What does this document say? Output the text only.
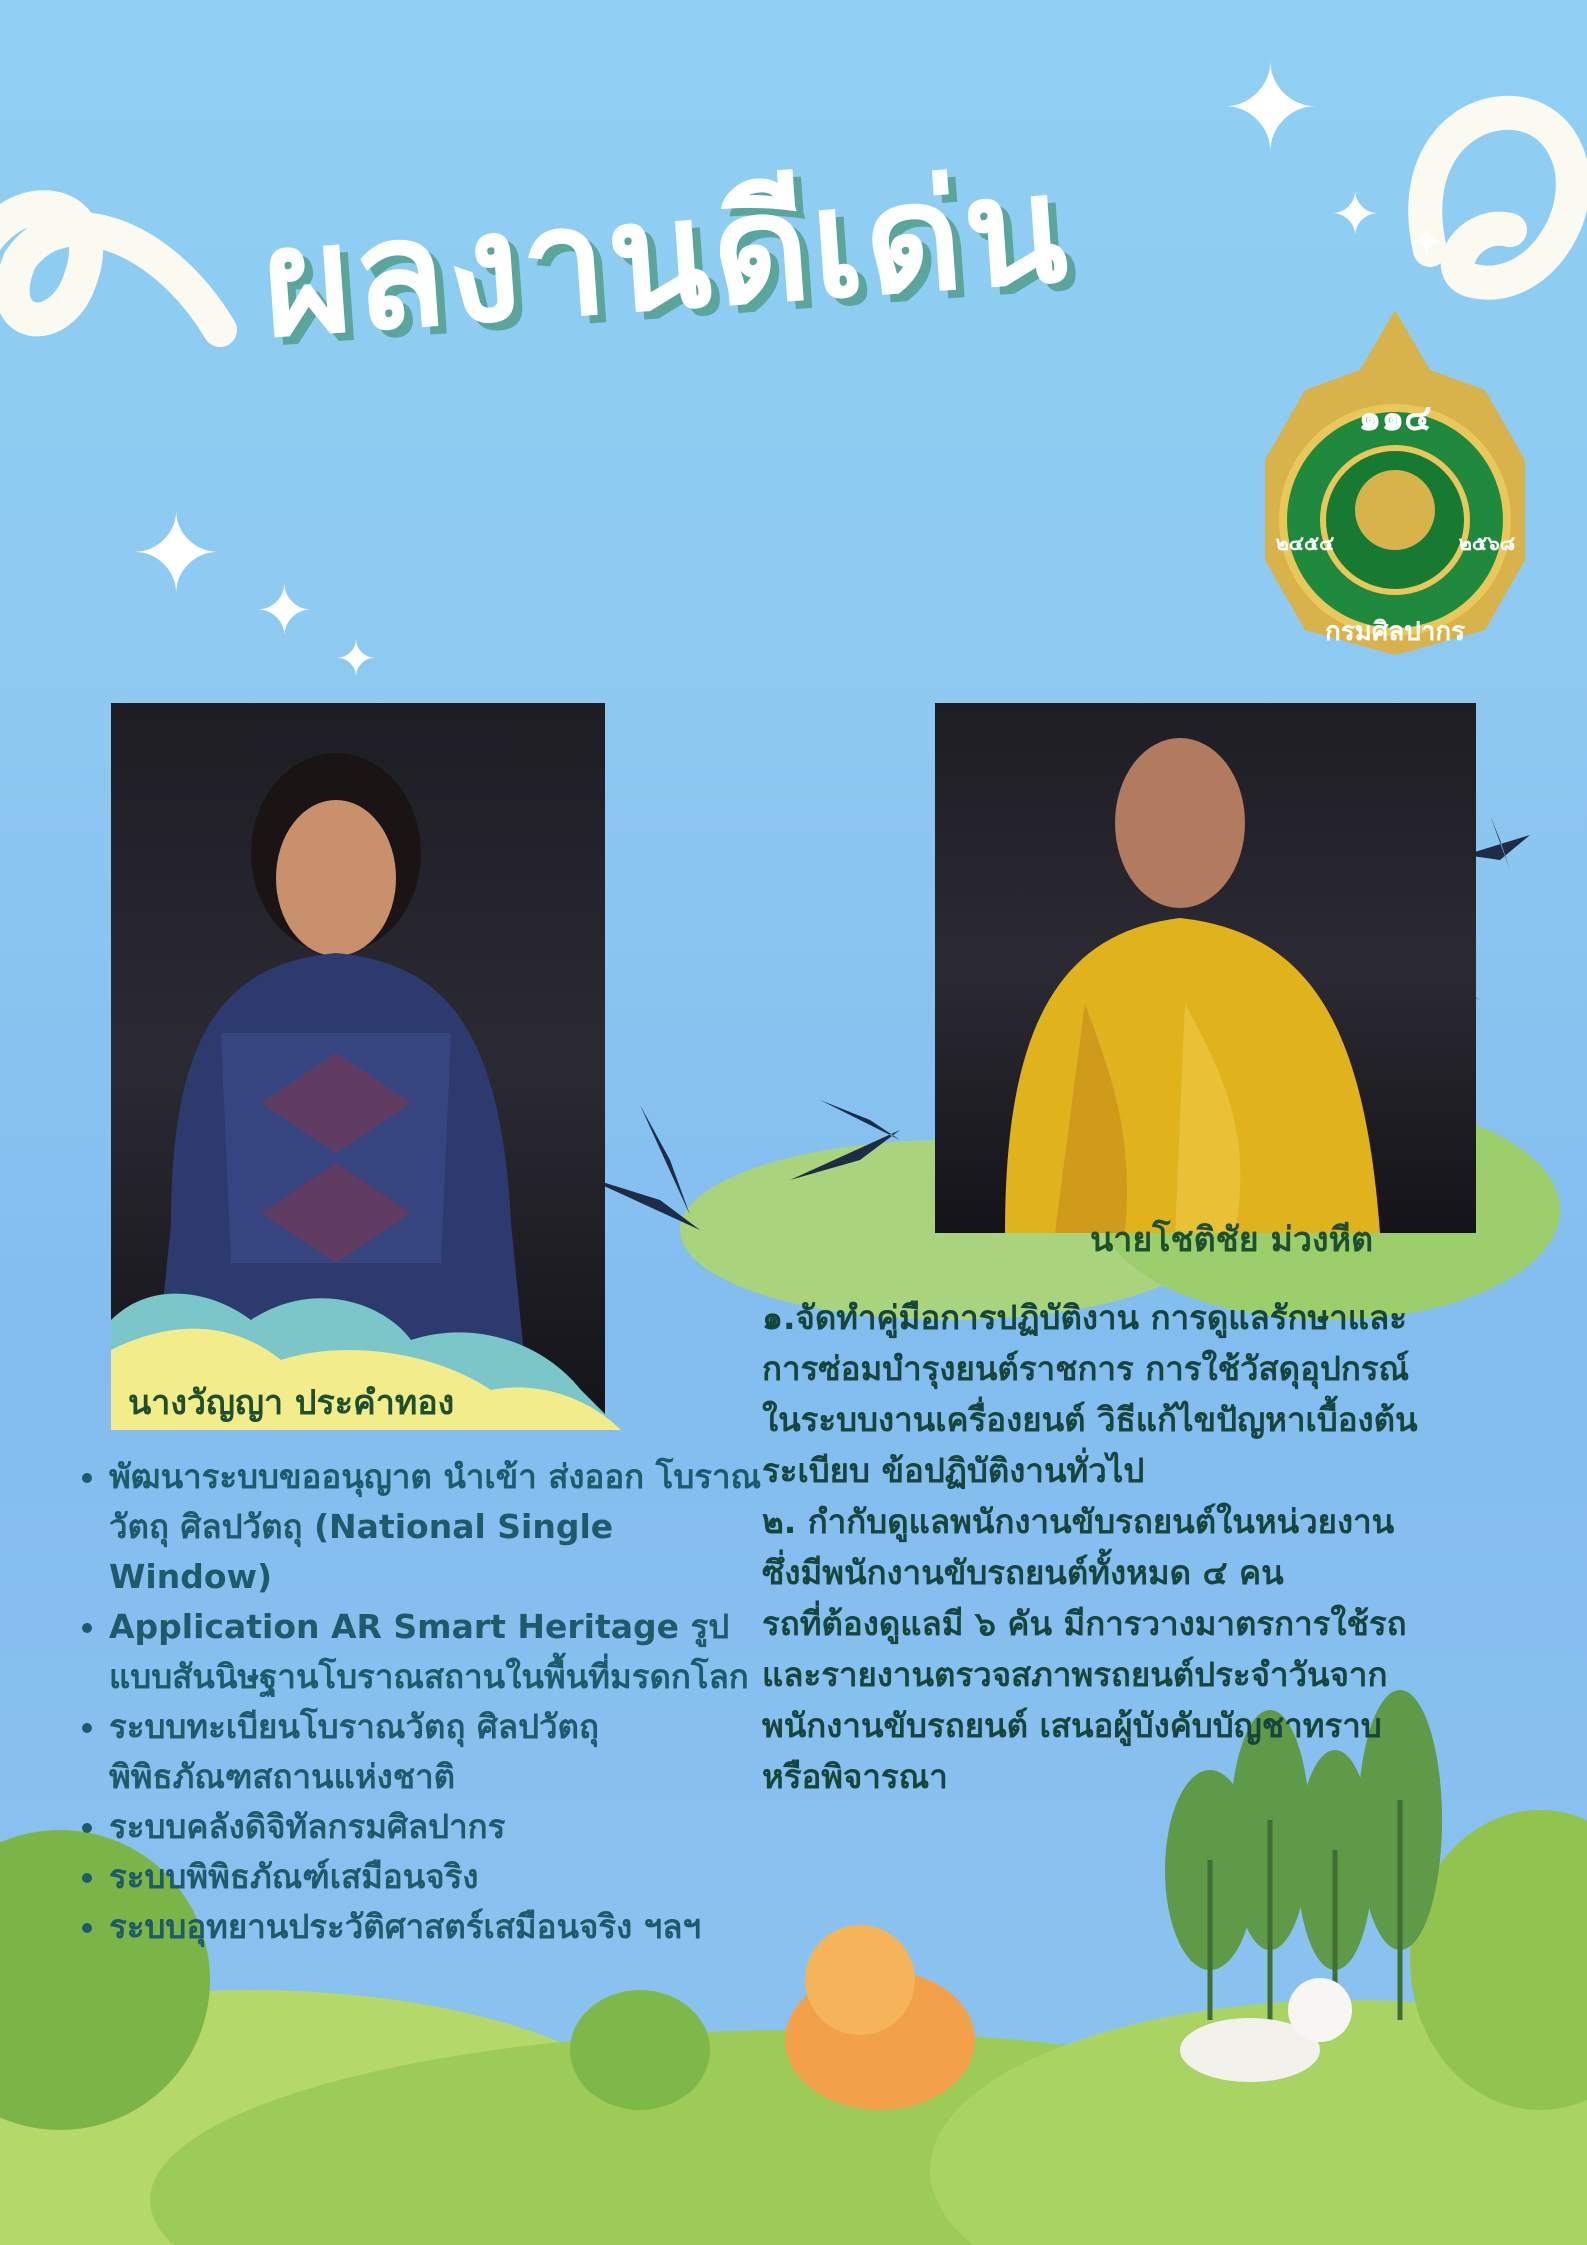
✦ ✦
✦
✦
✦ ✦
ผลงานดีเด่น
๑๑๔
๒๔๕๔	๒๕๖๘
กรมศิลปากร
นางวัญญา ประคำทอง
นายโชติชัย ม่วงหีต
• พัฒนาระบบขออนุญาต นำเข้า ส่งออก โบราณวัตถุ ศิลปวัตถุ (National Single Window)
• Application AR Smart Heritage รูปแบบสันนิษฐานโบราณสถานในพื้นที่มรดกโลก
• ระบบทะเบียนโบราณวัตถุ ศิลปวัตถุ พิพิธภัณฑสถานแห่งชาติ
• ระบบคลังดิจิทัลกรมศิลปากร
• ระบบพิพิธภัณฑ์เสมือนจริง
• ระบบอุทยานประวัติศาสตร์เสมือนจริง ฯลฯ
๑.จัดทำคู่มือการปฏิบัติงาน การดูแลรักษาและ
การซ่อมบำรุงยนต์ราชการ การใช้วัสดุอุปกรณ์
ในระบบงานเครื่องยนต์ วิธีแก้ไขปัญหาเบื้องต้น
ระเบียบ ข้อปฏิบัติงานทั่วไป
๒. กำกับดูแลพนักงานขับรถยนต์ในหน่วยงาน
ซึ่งมีพนักงานขับรถยนต์ทั้งหมด ๔ คน
รถที่ต้องดูแลมี ๖ คัน มีการวางมาตรการใช้รถ
และรายงานตรวจสภาพรถยนต์ประจำวันจาก
พนักงานขับรถยนต์ เสนอผู้บังคับบัญชาทราบ
หรือพิจารณา
